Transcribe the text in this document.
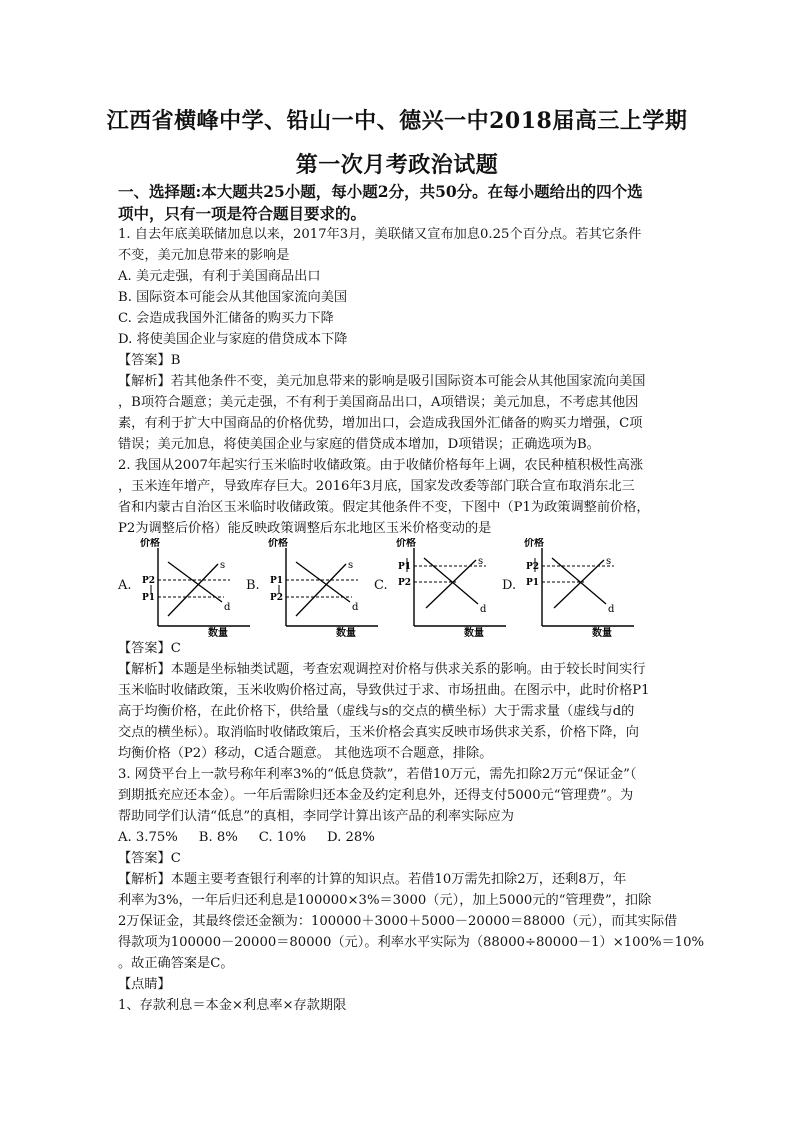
江西省横峰中学、铅山一中、德兴一中2018届高三上学期
第一次月考政治试题
一、选择题:本大题共25小题，每小题2分，共50分。在每小题给出的四个选
项中，只有一项是符合题目要求的。
1. 自去年底美联储加息以来，2017年3月，美联储又宣布加息0.25个百分点。若其它条件
不变，美元加息带来的影响是
A. 美元走强，有利于美国商品出口
B. 国际资本可能会从其他国家流向美国
C. 会造成我国外汇储备的购买力下降
D. 将使美国企业与家庭的借贷成本下降
【答案】B
【解析】若其他条件不变，美元加息带来的影响是吸引国际资本可能会从其他国家流向美国
，B项符合题意；美元走强，不有利于美国商品出口，A项错误；美元加息，不考虑其他因
素，有利于扩大中国商品的价格优势，增加出口，会造成我国外汇储备的购买力增强，C项
错误；美元加息，将使美国企业与家庭的借贷成本增加，D项错误；正确选项为B。
2. 我国从2007年起实行玉米临时收储政策。由于收储价格每年上调，农民种植积极性高涨
，玉米连年增产，导致库存巨大。2016年3月底，国家发改委等部门联合宣布取消东北三
省和内蒙古自治区玉米临时收储政策。假定其他条件不变，下图中（P1为政策调整前价格，
P2为调整后价格）能反映政策调整后东北地区玉米价格变动的是
A.
价格
数量
P2
P1
s
d
B.
价格
数量
P1
P2
s
d
C.
价格
数量
P1
P2
s
d
D.
价格
数量
P2
P1
s
d
【答案】C
【解析】本题是坐标轴类试题，考查宏观调控对价格与供求关系的影响。由于较长时间实行
玉米临时收储政策，玉米收购价格过高，导致供过于求、市场扭曲。在图示中，此时价格P1
高于均衡价格，在此价格下，供给量（虚线与s的交点的横坐标）大于需求量（虚线与d的
交点的横坐标）。取消临时收储政策后，玉米价格会真实反映市场供求关系，价格下降，向
均衡价格（P2）移动，C适合题意。 其他选项不合题意，排除。
3. 网贷平台上一款号称年利率3%的“低息贷款”，若借10万元，需先扣除2万元“保证金”（
到期抵充应还本金）。一年后需除归还本金及约定利息外，还得支付5000元“管理费”。为
帮助同学们认清“低息”的真相，李同学计算出该产品的利率实际应为
A. 3.75%     B. 8%     C. 10%     D. 28%
【答案】C
【解析】本题主要考查银行利率的计算的知识点。若借10万需先扣除2万，还剩8万，年
利率为3%，一年后归还利息是100000×3%＝3000（元），加上5000元的“管理费”，扣除
2万保证金，其最终偿还金额为：100000＋3000＋5000－20000＝88000（元），而其实际借
得款项为100000－20000＝80000（元）。利率水平实际为（88000÷80000－1）×100%＝10%
。故正确答案是C。
【点睛】
1、存款利息＝本金×利息率×存款期限
